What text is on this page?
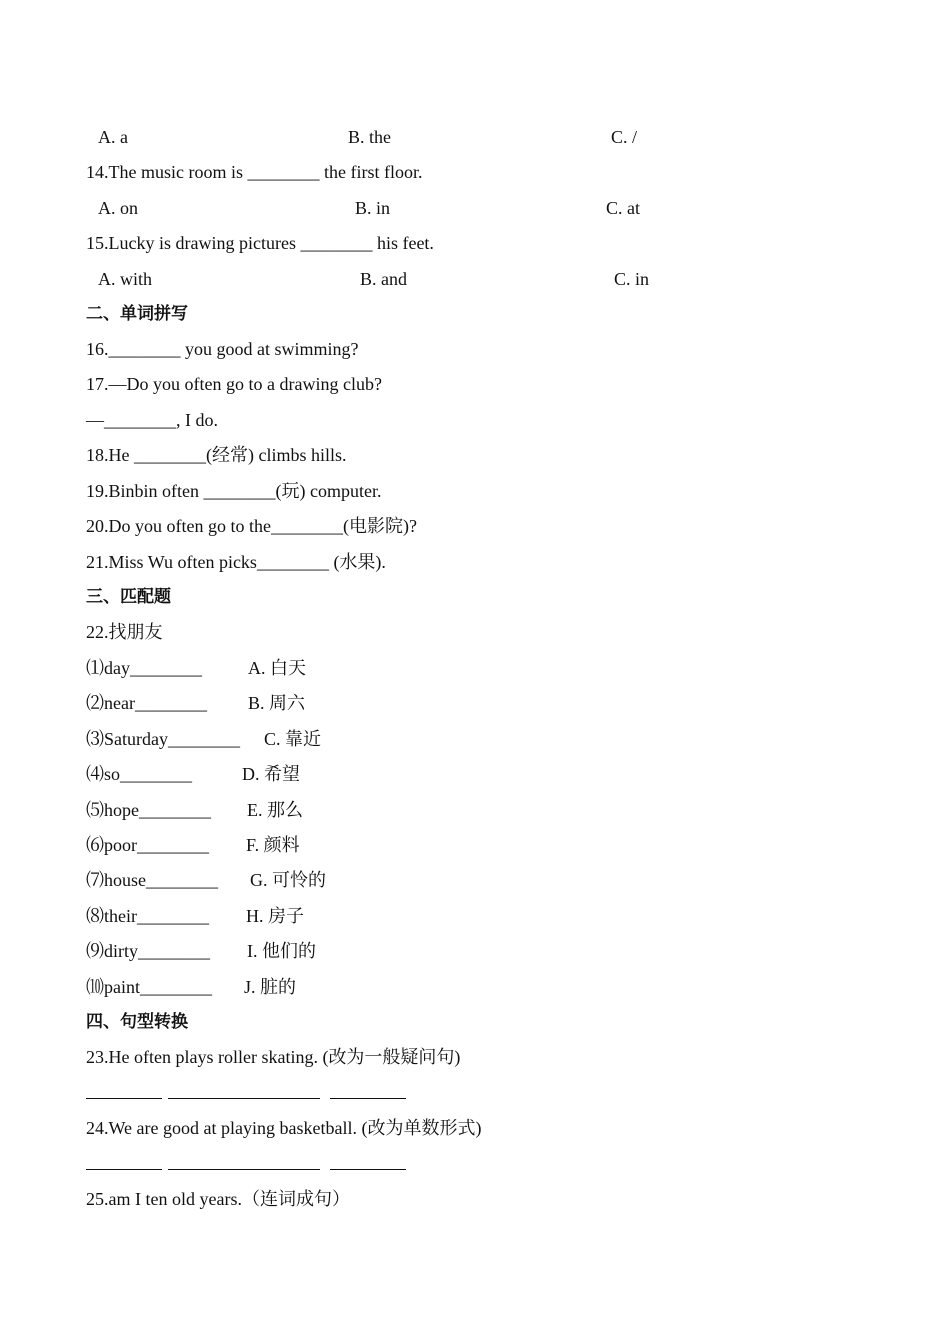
A. a	B. the	C. /
14.The music room is ________ the first floor.
A. on	B. in	C. at
15.Lucky is drawing pictures ________ his feet.
A. with	B. and	C. in
二、单词拼写
16.________ you good at swimming?
17.—Do you often go to a drawing club?
—________, I do.
18.He ________(经常) climbs hills.
19.Binbin often ________(玩) computer.
20.Do you often go to the________(电影院)?
21.Miss Wu often picks________ (水果).
三、匹配题
22.找朋友
⑴day________	A. 白天
⑵near________ B. 周六
⑶Saturday________ C. 靠近
⑷so________	D. 希望
⑸hope________ E. 那么
⑹poor________ F. 颜料
⑺house________ G. 可怜的
⑻their________ H. 房子
⑼dirty________ I. 他们的
⑽paint________ J. 脏的
四、句型转换
23.He often plays roller skating. (改为一般疑问句)
24.We are good at playing basketball. (改为单数形式)
25.am I ten old years.（连词成句）
